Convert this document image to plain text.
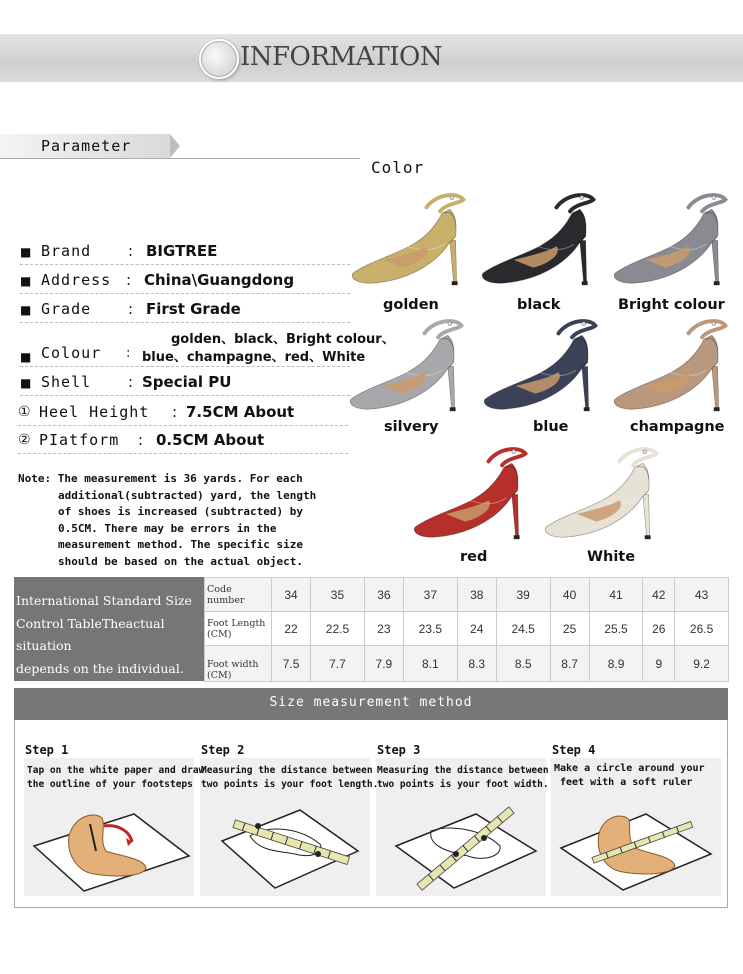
INFORMATION
Parameter
■ Brand : BIGTREE
■ Address : China\Guangdong
■ Grade : First Grade
golden、black、Bright colour、
■ Colour : blue、champagne、red、White
■ Shell : Special PU
① Heel Height : 7.5CM About
② PIatform : 0.5CM About
Note: The measurement is 36 yards. For each
additional(subtracted) yard, the length
of shoes is increased (subtracted) by
0.5CM. There may be errors in the
measurement method. The specific size
should be based on the actual object.
Color
golden	black	Bright colour
silvery	blue	champagne
red	White
International Standard Size
Control TableTheactual situation
depends on the individual.
Code number	34	35	36	37	38	39	40	41	42	43
Foot Length (CM)	22	22.5	23	23.5	24	24.5	25	25.5	26	26.5
Foot width (CM)	7.5	7.7	7.9	8.1	8.3	8.5	8.7	8.9	9	9.2
Size measurement method
Step 1	Step 2	Step 3	Step 4
Tap on the white paper and draw
the outline of your footsteps
Measuring the distance between
two points is your foot length.
Measuring the distance between
two points is your foot width.
Make a circle around your
feet with a soft ruler
